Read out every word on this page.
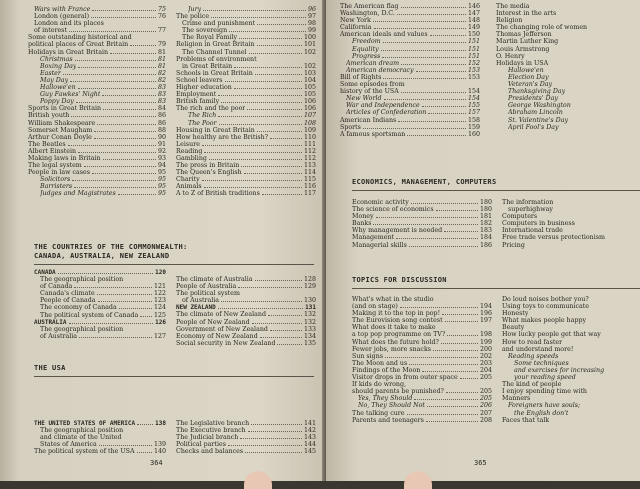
Wars with France	75
London (general)	76
London and its places
of interest	77
Some outstanding historical and
political places of Great Britain	79
Holidays in Great Britain	81
Christmas	81
Boxing Day	81
Easter	82
May Day	82
Hallowe'en	83
Guy Fawkes' Night	83
Poppy Day	83
Sports in Great Britain	84
British youth	86
William Shakespeare	86
Somerset Maugham	88
Arthur Conan Doyle	90
The Beatles	91
Albert Einstein	92
Making laws in Britain	93
The legal system	94
People in law cases	95
Solicitors	95
Barristers	95
Judges and Magistrates	95
Jury	96
The police	97
Crime and punishment	98
The sovereign	99
The Royal Family	100
Religion in Great Britain	101
The Channel Tunnel	102
Problems of environment
in Great Britain	102
Schools in Great Britain	103
School leavers	104
Higher education	105
Employment	105
British family	106
The rich and the poor	106
The Rich	107
The Poor	108
Housing in Great Britain	109
How healthy are the British?	110
Leisure	111
Reading	112
Gambling	112
The press in Britain	113
The Queen's English	114
Charity	115
Animals	116
A to Z of British traditions	117
THE COUNTRIES OF THE COMMONWEALTH:
CANADA, AUSTRALIA, NEW ZEALAND
CANADA	120
The geographical position
of Canada	121
Canada's climate	122
People of Canada	123
The economy of Canada	124
The political system of Canada	125
AUSTRALIA	126
The geographical position
of Australia	127
The climate of Australia	128
People of Australia	129
The political system
of Australia	130
NEW ZEALAND	131
The climate of New Zealand	132
People of New Zealand	132
Government of New Zealand	133
Economy of New Zealand	134
Social security in New Zealand	135
THE USA
THE UNITED STATES OF AMERICA	138
The geographical position
and climate of the United
States of America	139
The political system of the USA	140
The Legislative branch	141
The Executive branch	142
The Judicial branch	143
Political parties	144
Checks and balances	145
364
The American flag	146
Washington, D.C.	147
New York	148
California	149
American ideals and values	150
Freedom	151
Equality	151
Progress	151
American dream	152
American democracy	153
Bill of Rights	153
Some episodes from
history of the USA	154
New World	154
War and Independence	155
Articles of Confederation	157
American Indians	158
Sports	159
A famous sportsman	160
The media
Interest in the arts
Religion
The changing role of women
Thomas Jefferson
Martin Luther King
Louis Armstrong
O. Henry
Holidays in USA
Hallowe'en
Election Day
Veteran's Day
Thanksgiving Day
Presidents' Day
George Washington
Abraham Lincoln
St. Valentine's Day
April Fool's Day
ECONOMICS, MANAGEMENT, COMPUTERS
Economic activity	180
The science of economics	180
Money	181
Banks	182
Why management is needed	183
Management	184
Managerial skills	186
The information
superhighway
Computers
Computers in business
International trade
Free trade versus protectionism
Pricing
TOPICS FOR DISCUSSION
What's what in the studio
(and on stage)	194
Making it to the top in pop!	196
The Eurovision song contest	197
What does it take to make
a top pop programme on TV?	198
What does the future hold?	199
Fewer jobs, more snacks	200
Sun signs	202
The Moon and us	203
Findings of the Moon	204
Visitor drops in from outer space	205
If kids do wrong,
should parents be punished?	205
Yes, They Should	205
No, They Should Not	206
The talking cure	207
Parents and teenagers	208
Do loud noises bother you?
Using toys to communicate
Honesty
What makes people happy
Beauty
How lucky people get that way
How to read faster
and understand more!
Reading speeds
Some techniques
and exercises for increasing
your reading speed
The kind of people
I enjoy spending time with
Manners
Foreigners have souls;
the English don't
Faces that talk
365
